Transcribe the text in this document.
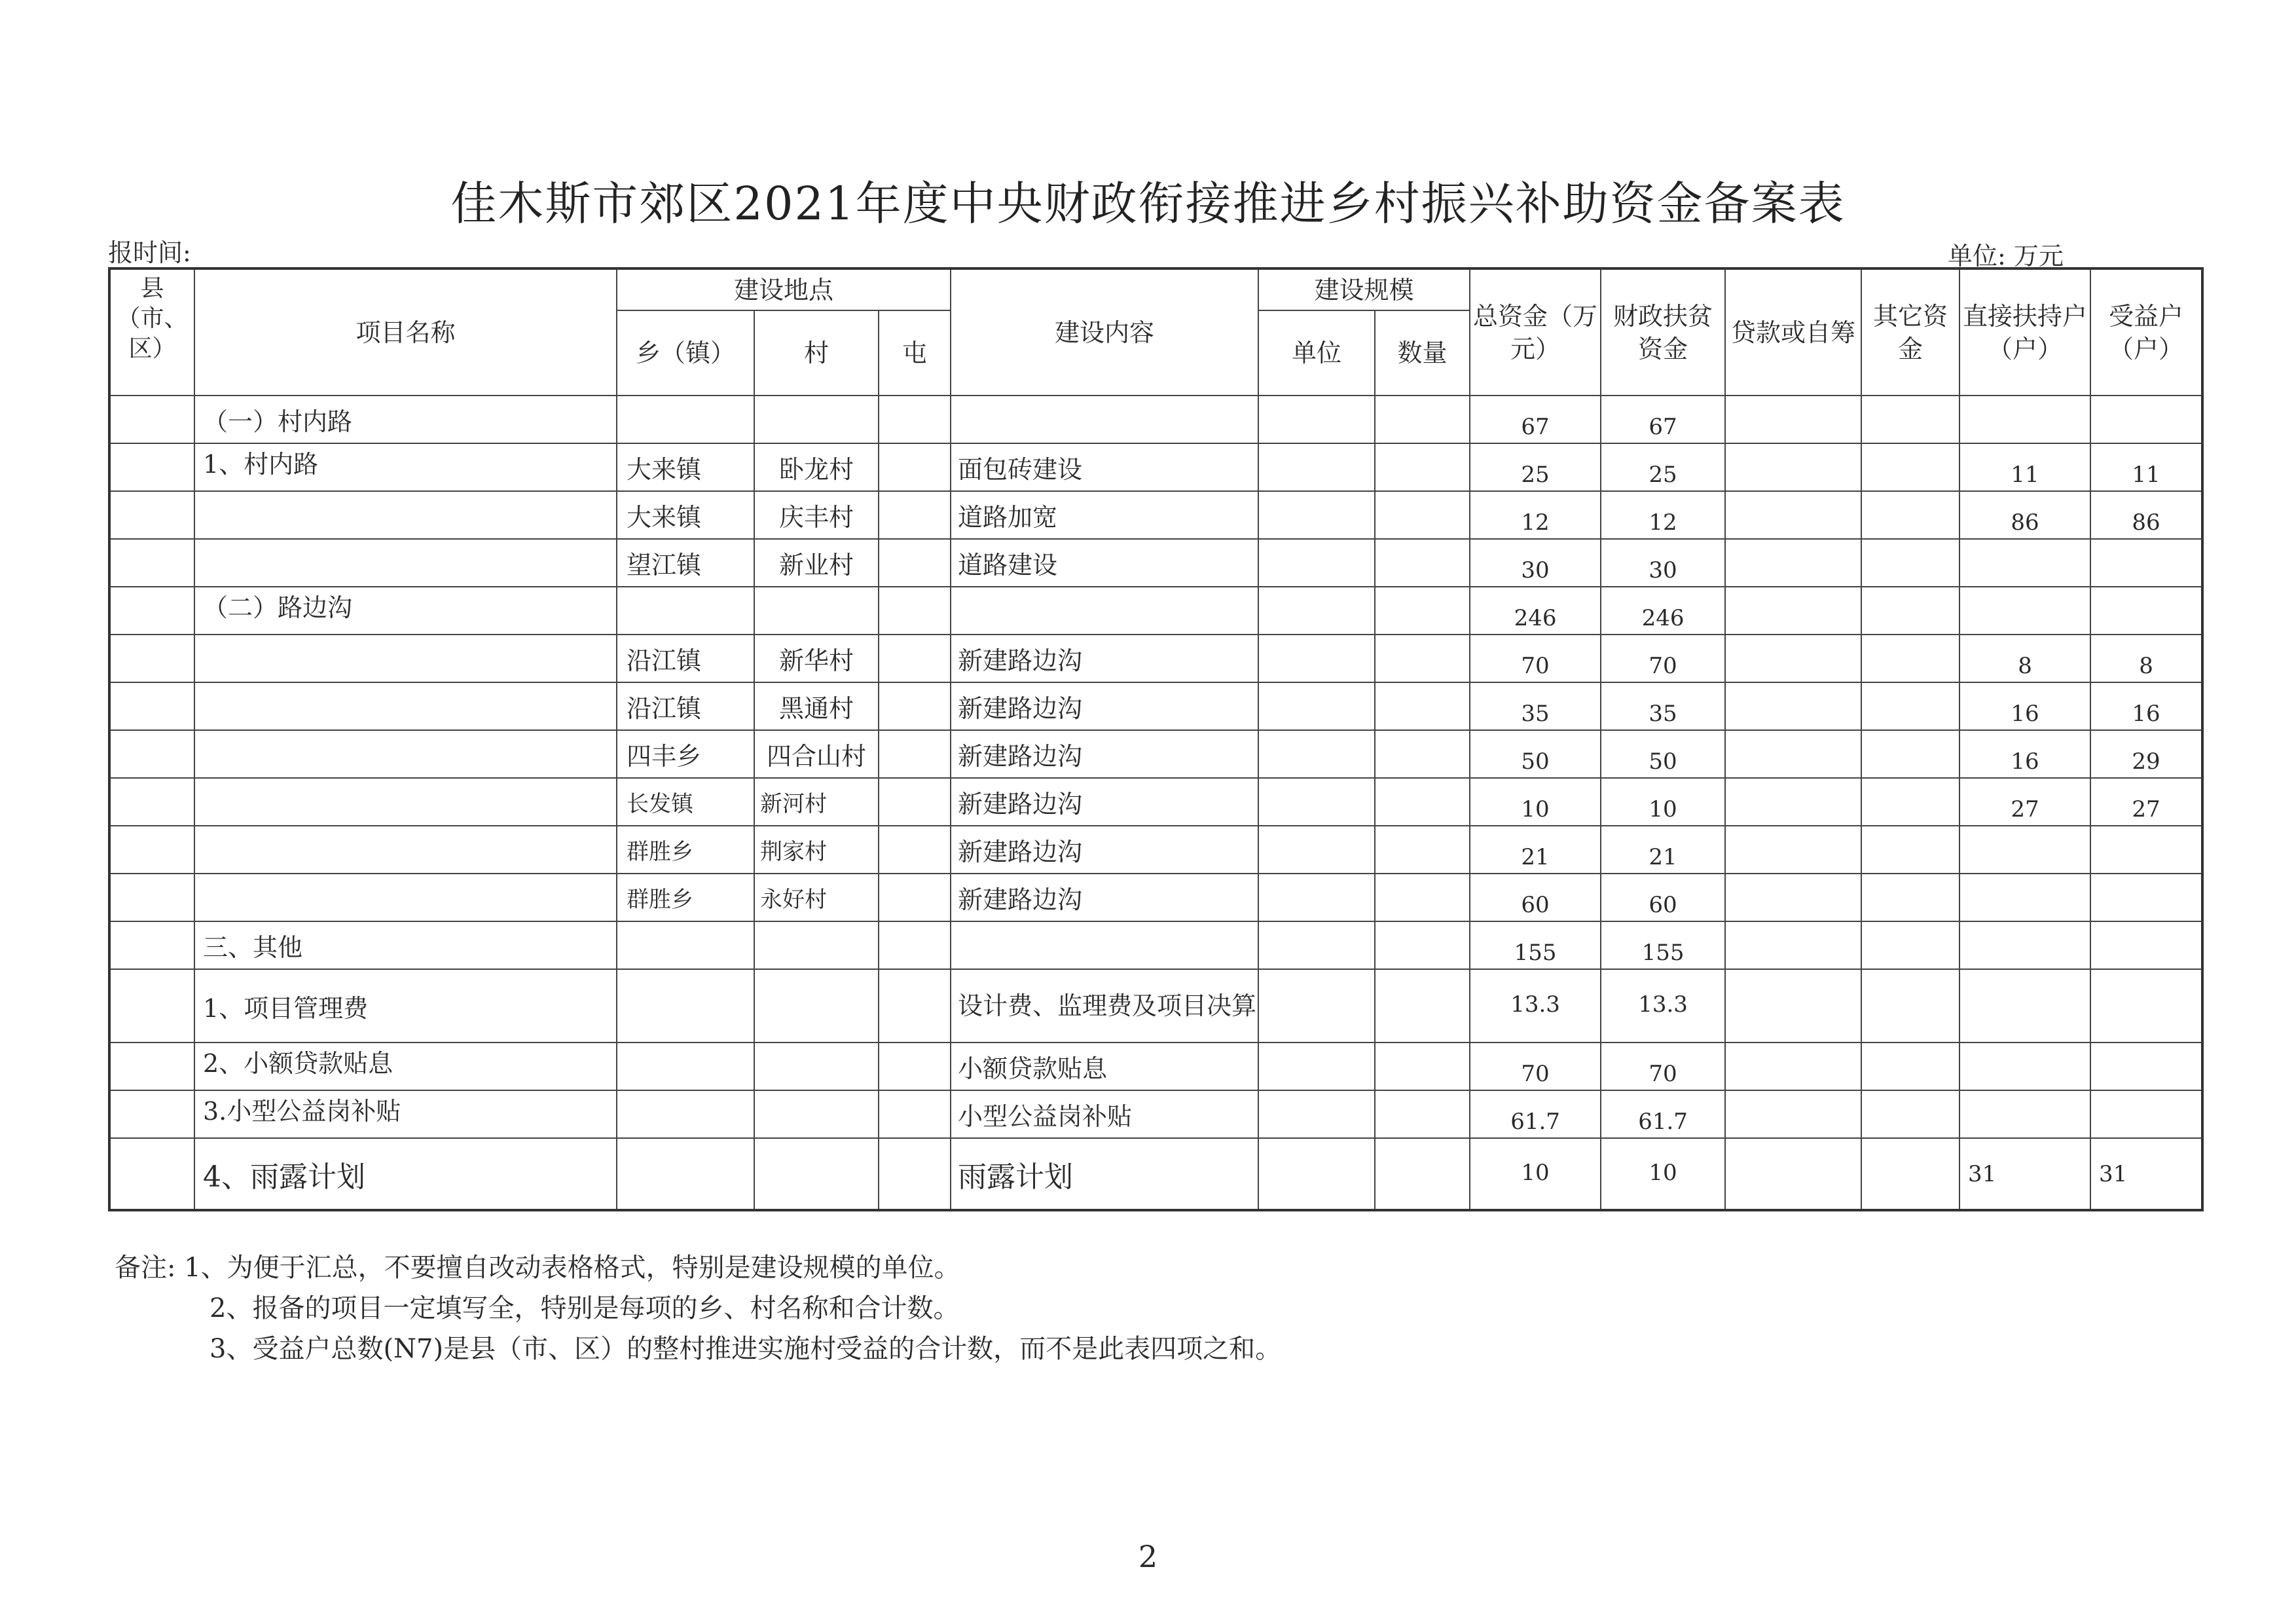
佳木斯市郊区2021年度中央财政衔接推进乡村振兴补助资金备案表
报时间:	单位: 万元
县（市、区）	项目名称	建设地点			建设内容	建设规模		总资金（万元）	财政扶贫资金	贷款或自筹	其它资金	直接扶持户（户）	受益户（户）
		乡（镇）	村	屯		单位	数量						
	（一）村内路							67	67				
	1、村内路	大来镇	卧龙村		面包砖建设			25	25			11	11
		大来镇	庆丰村		道路加宽			12	12			86	86
		望江镇	新业村		道路建设			30	30				
	（二）路边沟							246	246				
		沿江镇	新华村		新建路边沟			70	70			8	8
		沿江镇	黑通村		新建路边沟			35	35			16	16
		四丰乡	四合山村		新建路边沟			50	50			16	29
		长发镇	新河村		新建路边沟			10	10			27	27
		群胜乡	荆家村		新建路边沟			21	21				
		群胜乡	永好村		新建路边沟			60	60				
	三、其他							155	155				
	1、项目管理费				设计费、监理费及项目决算			13.3	13.3				
	2、小额贷款贴息				小额贷款贴息			70	70				
	3.小型公益岗补贴				小型公益岗补贴			61.7	61.7				
	4、雨露计划				雨露计划			10	10			31	31
备注: 1、为便于汇总，不要擅自改动表格格式，特别是建设规模的单位。
2、报备的项目一定填写全，特别是每项的乡、村名称和合计数。
3、受益户总数(N7)是县（市、区）的整村推进实施村受益的合计数，而不是此表四项之和。
2
